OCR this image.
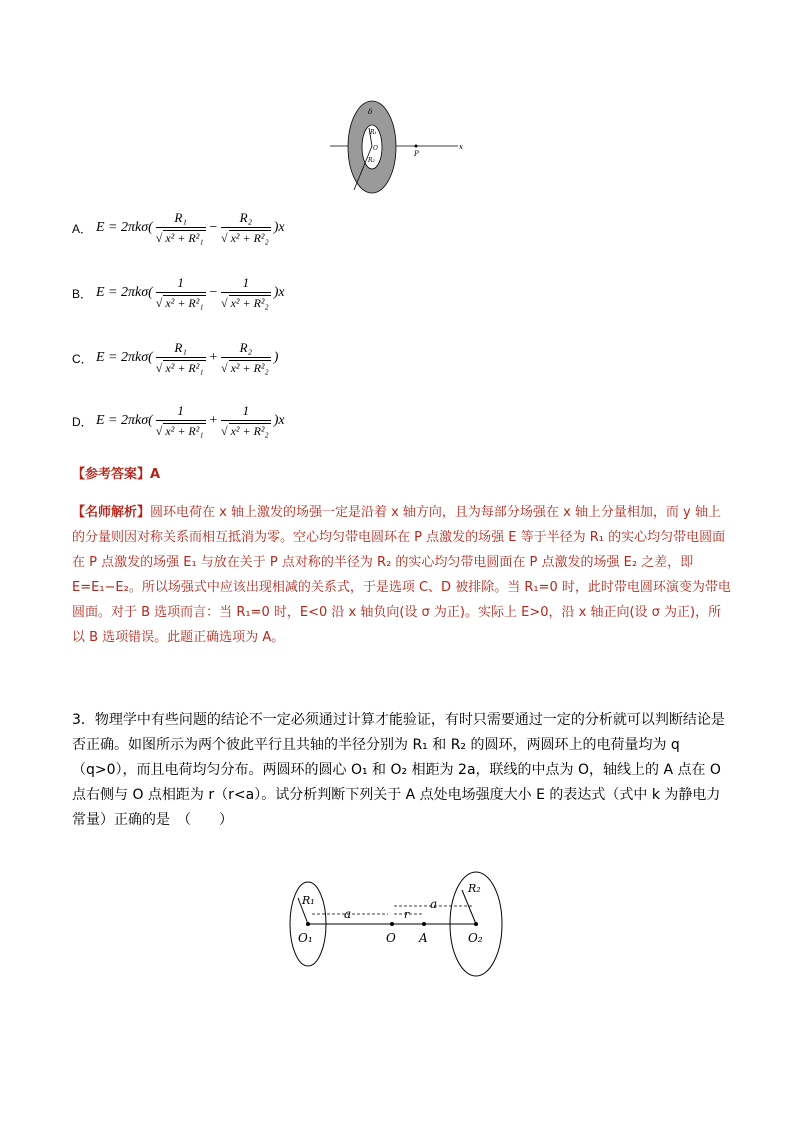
δ
R₁
R₂
O
P
x
A． $E = 2\pi k\sigma( \frac{\text{R₁}}{\text{√ x² + R²₁}} - \frac{\text{R₂}}{\text{√ x² + R²₂}} )x$
B． $E = 2\pi k\sigma( \frac{1}{\text{√ x² + R²₁}} - \frac{1}{\text{√ x² + R²₂}} )x$
C． $E = 2\pi k\sigma( \frac{\text{R₁}}{\text{√ x² + R²₁}} + \frac{\text{R₂}}{\text{√ x² + R²₂}}$ )
D． $E = 2\pi k\sigma( \frac{1}{\text{√ x² + R²₁}} + \frac{1}{\text{√ x² + R²₂}} )x$
【参考答案】A
【名师解析】圆环电荷在 x 轴上激发的场强一定是沿着 x 轴方向，且为每部分场强在 x 轴上分量相加，而 y 轴上的分量则因对称关系而相互抵消为零。空心均匀带电圆环在 P 点激发的场强 E 等于半径为 R₁ 的实心均匀带电圆面在 P 点激发的场强 E₁ 与放在关于 P 点对称的半径为 R₂ 的实心均匀带电圆面在 P 点激发的场强 E₂ 之差，即 E=E₁−E₂。所以场强式中应该出现相减的关系式，于是选项 C、D 被排除。当 R₁=0 时，此时带电圆环演变为带电圆面。对于 B 选项而言：当 R₁=0 时，E<0 沿 x 轴负向(设 σ 为正)。实际上 E>0，沿 x 轴正向(设 σ 为正)，所以 B 选项错误。此题正确选项为 A。
3．物理学中有些问题的结论不一定必须通过计算才能验证，有时只需要通过一定的分析就可以判断结论是否正确。如图所示为两个彼此平行且共轴的半径分别为 R₁ 和 R₂ 的圆环，两圆环上的电荷量均为 q（q>0），而且电荷均匀分布。两圆环的圆心 O₁ 和 O₂ 相距为 2a，联线的中点为 O，轴线上的 A 点在 O 点右侧与 O 点相距为 r（r<a）。试分析判断下列关于 A 点处电场强度大小 E 的表达式（式中 k 为静电力常量）正确的是　（　　）
R₁
a	r
a
R₂
O₁	O A	O₂
